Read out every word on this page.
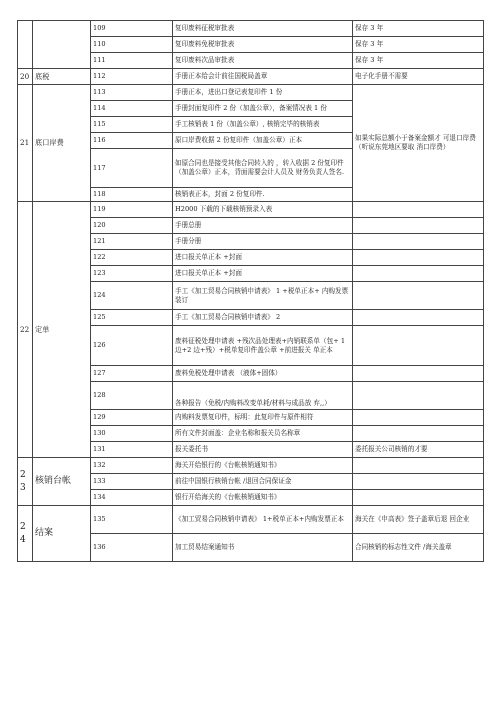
		109	复印废料征税审批表	保存 3 年
		110	复印废料免税审批表	保存 3 年
		111	复印废料次品审批表	保存 3 年
20	底税	112	手册正本给会计前往国税局盖章	电子化手册不需要
21	底口岸费	113	手册正本，进出口登记表复印件 1 份	如果实际总额小于备案金额才 可退口岸费（听说东莞地区要取 消口岸费）
		114	手册封面复印件 2 份（加盖公章），备案情况表 1 份	
		115	手工核销表 1 份（加盖公章）, 核销完毕的核销表	
		116	原口岸费收据 2 份复印件（加盖公章）正本	
		117	如原合同也是接受其他合同转入的 ，转入收据 2 份复印件（加盖公章）正本，背面需要会计人员及 财务负责人签名.	
		118	核销表正本，封面 2 份复印件.	
22	定单	119	H2000 下载的下载核销预录入表	
		120	手册总册	
		121	手册分册	
		122	进口报关单正本 +封面	
		123	进口报关单正本 +封面	
		124	手工《加工贸易合同核销申请表》 1 +税单正本+ 内购发票装订	
		125	手工《加工贸易合同核销申请表》 2	
		126	废料征税处理申请表 +残次品处理表+内销联系单（包+ 1 边+2 边+残）+税单复印件盖公章 +前进报关 单正本	
		127	废料免税处理申请表 （液体+固体）	
		128	各种报告（免税/内购料改变单耗/材料与成品放 弃,,）	
		129	内购料发票复印件，标明：此复印件与原件相符	
		130	所有文件封面盖：企业名称和报关员名称章	
		131	报关委托书	委托报关公司核销的才要
23	核销台帐	132	海关开给银行的《台帐核销通知书》	
		133	前往中国银行核销台帐 /退回合同保证金	
		134	银行开给海关的《台帐核销通知书》	
24	结案	135	《加工贸易合同核销申请表》 1+税单正本+内购发票正本	海关在《申高表》签子盖章后退 回企业
		136	加工贸易结案通知书	合同核销的标志性文件 /海关盖章
